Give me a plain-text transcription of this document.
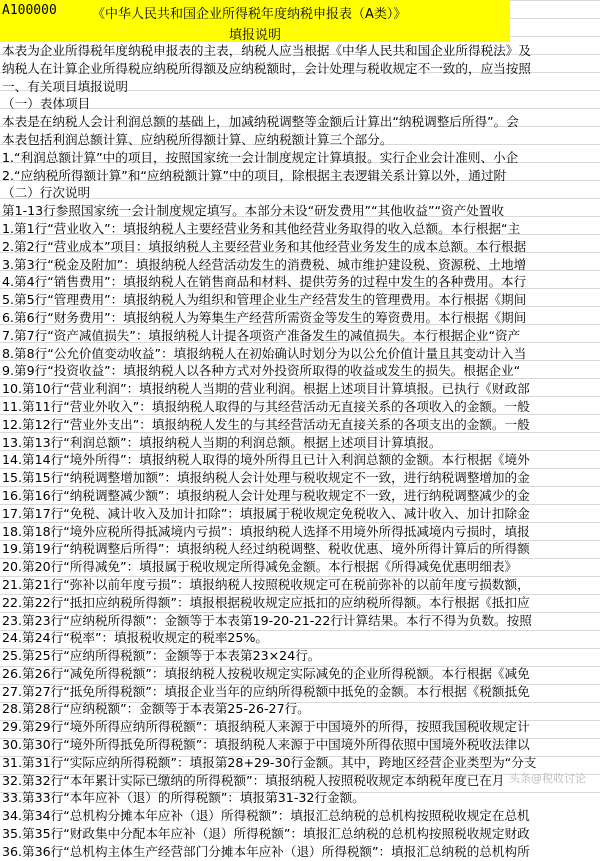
A100000	《中华人民共和国企业所得税年度纳税申报表（A类）》
填报说明
本表为企业所得税年度纳税申报表的主表，纳税人应当根据《中华人民共和国企业所得税法》及
纳税人在计算企业所得税应纳税所得额及应纳税额时，会计处理与税收规定不一致的，应当按照
一、有关项目填报说明
（一）表体项目
本表是在纳税人会计利润总额的基础上，加减纳税调整等金额后计算出“纳税调整后所得”。会
本表包括利润总额计算、应纳税所得额计算、应纳税额计算三个部分。
1.“利润总额计算”中的项目，按照国家统一会计制度规定计算填报。实行企业会计准则、小企
2.“应纳税所得额计算”和“应纳税额计算”中的项目，除根据主表逻辑关系计算以外，通过附
（二）行次说明
第1-13行参照国家统一会计制度规定填写。本部分未设“研发费用”“其他收益”“资产处置收
1.第1行“营业收入”：填报纳税人主要经营业务和其他经营业务取得的收入总额。本行根据“主
2.第2行“营业成本”项目：填报纳税人主要经营业务和其他经营业务发生的成本总额。本行根据
3.第3行“税金及附加”：填报纳税人经营活动发生的消费税、城市维护建设税、资源税、土地增
4.第4行“销售费用”：填报纳税人在销售商品和材料、提供劳务的过程中发生的各种费用。本行
5.第5行“管理费用”：填报纳税人为组织和管理企业生产经营发生的管理费用。本行根据《期间
6.第6行“财务费用”：填报纳税人为筹集生产经营所需资金等发生的筹资费用。本行根据《期间
7.第7行“资产减值损失”：填报纳税人计提各项资产准备发生的减值损失。本行根据企业“资产
8.第8行“公允价值变动收益”：填报纳税人在初始确认时划分为以公允价值计量且其变动计入当
9.第9行“投资收益”：填报纳税人以各种方式对外投资所取得的收益或发生的损失。根据企业“
10.第10行“营业利润”：填报纳税人当期的营业利润。根据上述项目计算填报。已执行《财政部
11.第11行“营业外收入”：填报纳税人取得的与其经营活动无直接关系的各项收入的金额。一般
12.第12行“营业外支出”：填报纳税人发生的与其经营活动无直接关系的各项支出的金额。一般
13.第13行“利润总额”：填报纳税人当期的利润总额。根据上述项目计算填报。
14.第14行“境外所得”：填报纳税人取得的境外所得且已计入利润总额的金额。本行根据《境外
15.第15行“纳税调整增加额”：填报纳税人会计处理与税收规定不一致，进行纳税调整增加的金
16.第16行“纳税调整减少额”：填报纳税人会计处理与税收规定不一致，进行纳税调整减少的金
17.第17行“免税、减计收入及加计扣除”：填报属于税收规定免税收入、减计收入、加计扣除金
18.第18行“境外应税所得抵减境内亏损”：填报纳税人选择不用境外所得抵减境内亏损时，填报
19.第19行“纳税调整后所得”：填报纳税人经过纳税调整、税收优惠、境外所得计算后的所得额
20.第20行“所得减免”：填报属于税收规定所得减免金额。本行根据《所得减免优惠明细表》
21.第21行“弥补以前年度亏损”：填报纳税人按照税收规定可在税前弥补的以前年度亏损数额，
22.第22行“抵扣应纳税所得额”：填报根据税收规定应抵扣的应纳税所得额。本行根据《抵扣应
23.第23行“应纳税所得额”：金额等于本表第19-20-21-22行计算结果。本行不得为负数。按照
24.第24行“税率”：填报税收规定的税率25%。
25.第25行“应纳所得税额”：金额等于本表第23×24行。
26.第26行“减免所得税额”：填报纳税人按税收规定实际减免的企业所得税额。本行根据《减免
27.第27行“抵免所得税额”：填报企业当年的应纳所得税额中抵免的金额。本行根据《税额抵免
28.第28行“应纳税额”：金额等于本表第25-26-27行。
29.第29行“境外所得应纳所得税额”：填报纳税人来源于中国境外的所得，按照我国税收规定计
30.第30行“境外所得抵免所得税额”：填报纳税人来源于中国境外所得依照中国境外税收法律以
31.第31行“实际应纳所得税额”：填报第28+29-30行金额。其中，跨地区经营企业类型为“分支
32.第32行“本年累计实际已缴纳的所得税额”：填报纳税人按照税收规定本纳税年度已在月
33.第33行“本年应补（退）的所得税额”：填报第31-32行金额。
34.第34行“总机构分摊本年应补（退）所得税额”：填报汇总纳税的总机构按照税收规定在总机
35.第35行“财政集中分配本年应补（退）所得税额”：填报汇总纳税的总机构按照税收规定财政
36.第36行“总机构主体生产经营部门分摊本年应补（退）所得税额”：填报汇总纳税的总机构所
头条@税收讨论
